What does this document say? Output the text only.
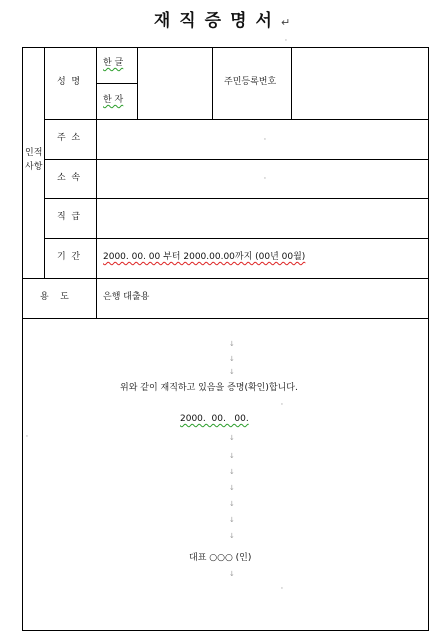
재직증명서↵
'
인적
사항
성  명
한 글
한 자
주민등록번호
주  소
소  속
직  급
기  간	2000. 00. 00 부터 2000.00.00까지 (00년 00월)
용    도	은행 대출용
'
'
위와 같이 재직하고 있음을 증명(확인)합니다.
2000.  00.   00.
대표 ○○○ (인)
↓
↓
↓
'
↓
↓
↓
↓
↓
↓
↓
↓
'
'
